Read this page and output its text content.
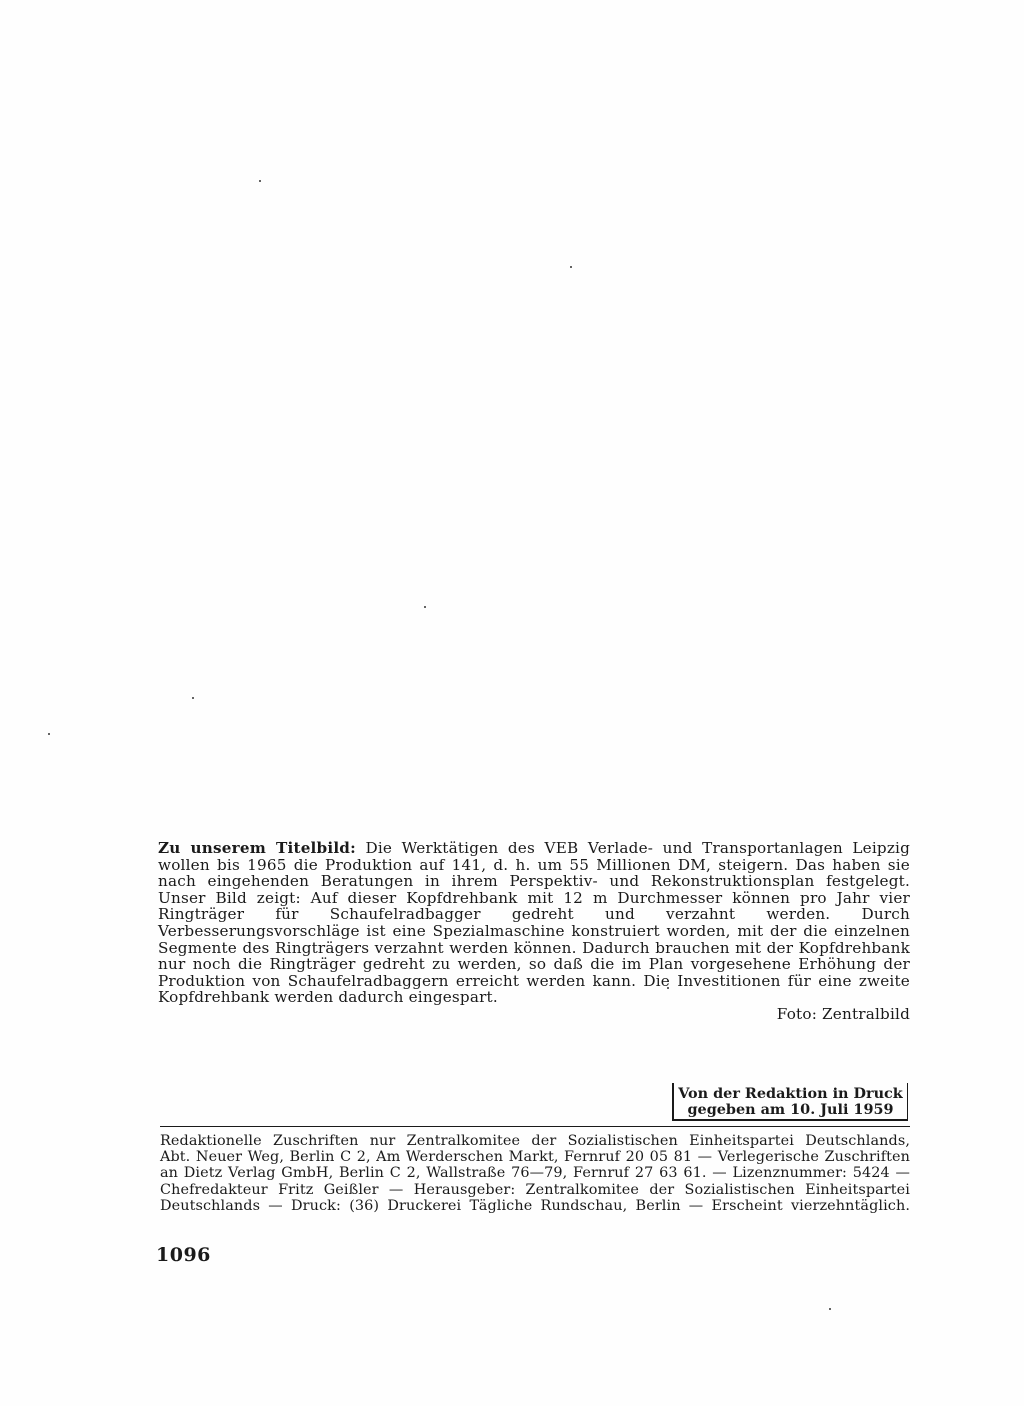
Zu unserem Titelbild: Die Werktätigen des VEB Verlade- und Transportanlagen Leipzig wollen bis 1965 die Produktion auf 141, d. h. um 55 Millionen DM, steigern. Das haben sie nach eingehenden Beratungen in ihrem Perspektiv- und Rekonstruktionsplan festgelegt. Unser Bild zeigt: Auf dieser Kopfdrehbank mit 12 m Durchmesser können pro Jahr vier Ringträger für Schaufelradbagger gedreht und verzahnt werden. Durch Verbesserungsvorschläge ist eine Spezialmaschine konstruiert worden, mit der die einzelnen Segmente des Ringträgers verzahnt werden können. Dadurch brauchen mit der Kopfdrehbank nur noch die Ringträger gedreht zu werden, so daß die im Plan vorgesehene Erhöhung der Produktion von Schaufelradbaggern erreicht werden kann. Die Investitionen für eine zweite Kopfdrehbank werden dadurch eingespart.
Foto: Zentralbild
Von der Redaktion in Druck
gegeben am 10. Juli 1959
Redaktionelle Zuschriften nur Zentralkomitee der Sozialistischen Einheitspartei Deutschlands,
Abt. Neuer Weg, Berlin C 2, Am Werderschen Markt, Fernruf 20 05 81 — Verlegerische Zuschriften
an Dietz Verlag GmbH, Berlin C 2, Wallstraße 76—79, Fernruf 27 63 61. — Lizenznummer: 5424 —
Chefredakteur Fritz Geißler — Herausgeber: Zentralkomitee der Sozialistischen Einheitspartei
Deutschlands — Druck: (36) Druckerei Tägliche Rundschau, Berlin — Erscheint vierzehntäglich.
1096
